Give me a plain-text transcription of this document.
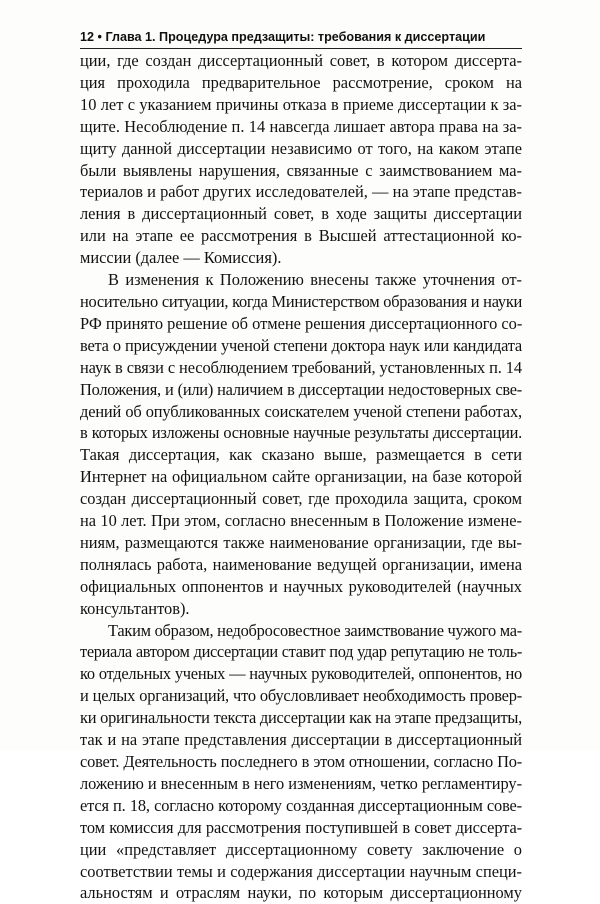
12 • Глава 1. Процедура предзащиты: требования к диссертации
ции, где создан диссертационный совет, в котором диссерта-
ция проходила предварительное рассмотрение, сроком на
10 лет с указанием причины отказа в приеме диссертации к за-
щите. Несоблюдение п. 14 навсегда лишает автора права на за-
щиту данной диссертации независимо от того, на каком этапе
были выявлены нарушения, связанные с заимствованием ма-
териалов и работ других исследователей, — на этапе представ-
ления в диссертационный совет, в ходе защиты диссертации
или на этапе ее рассмотрения в Высшей аттестационной ко-
миссии (далее — Комиссия).
В изменения к Положению внесены также уточнения от-
носительно ситуации, когда Министерством образования и науки
РФ принято решение об отмене решения диссертационного со-
вета о присуждении ученой степени доктора наук или кандидата
наук в связи с несоблюдением требований, установленных п. 14
Положения, и (или) наличием в диссертации недостоверных све-
дений об опубликованных соискателем ученой степени работах,
в которых изложены основные научные результаты диссертации.
Такая диссертация, как сказано выше, размещается в сети
Интернет на официальном сайте организации, на базе которой
создан диссертационный совет, где проходила защита, сроком
на 10 лет. При этом, согласно внесенным в Положение измене-
ниям, размещаются также наименование организации, где вы-
полнялась работа, наименование ведущей организации, имена
официальных оппонентов и научных руководителей (научных
консультантов).
Таким образом, недобросовестное заимствование чужого ма-
териала автором диссертации ставит под удар репутацию не толь-
ко отдельных ученых — научных руководителей, оппонентов, но
и целых организаций, что обусловливает необходимость провер-
ки оригинальности текста диссертации как на этапе предзащиты,
так и на этапе представления диссертации в диссертационный
совет. Деятельность последнего в этом отношении, согласно По-
ложению и внесенным в него изменениям, четко регламентиру-
ется п. 18, согласно которому созданная диссертационным сове-
том комиссия для рассмотрения поступившей в совет диссерта-
ции «представляет диссертационному совету заключение о
соответствии темы и содержания диссертации научным специ-
альностям и отраслям науки, по которым диссертационному
